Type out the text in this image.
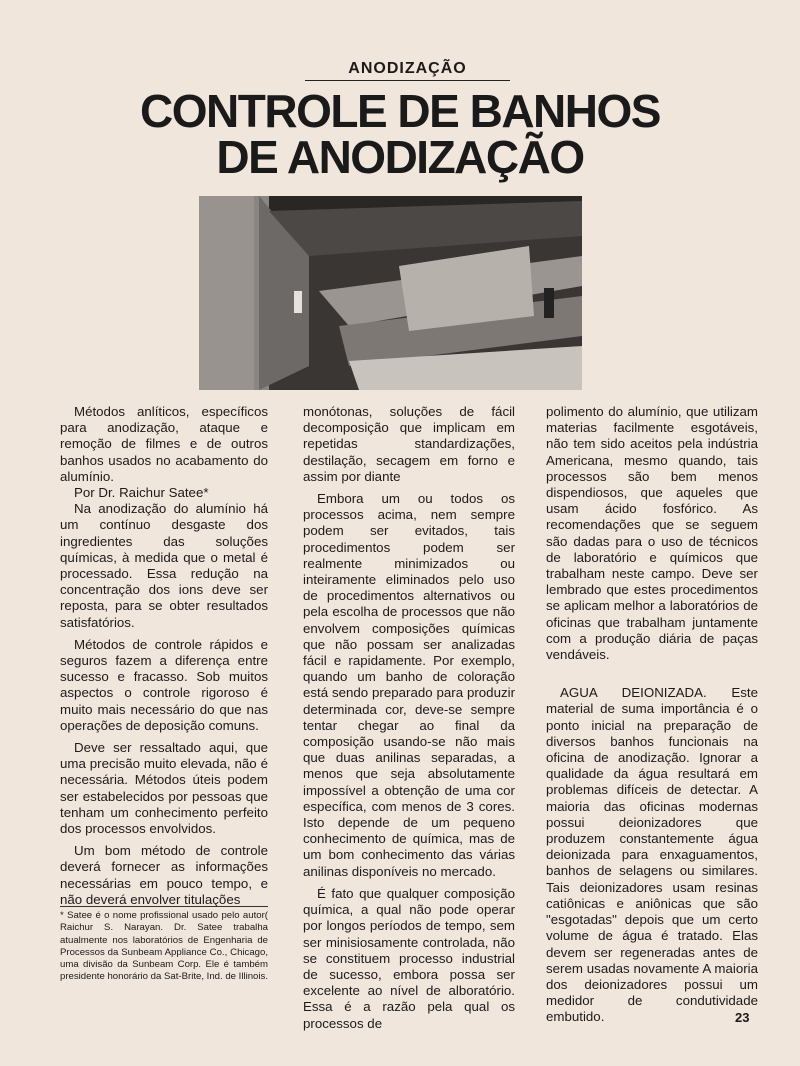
ANODIZAÇÃO
CONTROLE DE BANHOS
DE ANODIZAÇÃO

Métodos anlíticos, específicos para anodização, ataque e remoção de filmes e de outros banhos usados no acabamento do alumínio.

Por Dr. Raichur Satee*

Na anodização do alumínio há um contínuo desgaste dos ingredientes das soluções químicas, à medida que o metal é processado. Essa redução na concentração dos ions deve ser reposta, para se obter resultados satisfatórios.

Métodos de controle rápidos e seguros fazem a diferença entre sucesso e fracasso. Sob muitos aspectos o controle rigoroso é muito mais necessário do que nas operações de deposição comuns.

Deve ser ressaltado aqui, que uma precisão muito elevada, não é necessária. Métodos úteis podem ser estabelecidos por pessoas que tenham um conhecimento perfeito dos processos envolvidos.

Um bom método de controle deverá fornecer as informações necessárias em pouco tempo, e não deverá envolver titulações

* Satee é o nome profissional usado pelo autor( Raichur S. Narayan. Dr. Satee trabalha atualmente nos laboratórios de Engenharia de Processos da Sunbeam Appliance Co., Chicago, uma divisão da Sunbeam Corp. Ele é também presidente honorário da Sat-Brite, Ind. de Illinois.

monótonas, soluções de fácil decomposição que implicam em repetidas standardizações, destilação, secagem em forno e assim por diante

Embora um ou todos os processos acima, nem sempre podem ser evitados, tais procedimentos podem ser realmente minimizados ou inteiramente eliminados pelo uso de procedimentos alternativos ou pela escolha de processos que não envolvem composições químicas que não possam ser analizadas fácil e rapidamente. Por exemplo, quando um banho de coloração está sendo preparado para produzir determinada cor, deve-se sempre tentar chegar ao final da composição usando-se não mais que duas anilinas separadas, a menos que seja absolutamente impossível a obtenção de uma cor específica, com menos de 3 cores. Isto depende de um pequeno conhecimento de química, mas de um bom conhecimento das várias anilinas disponíveis no mercado.

É fato que qualquer composição química, a qual não pode operar por longos períodos de tempo, sem ser minisiosamente controlada, não se constituem processo industrial de sucesso, embora possa ser excelente ao nível de alboratório. Essa é a razão pela qual os processos de

polimento do alumínio, que utilizam materias facilmente esgotáveis, não tem sido aceitos pela indústria Americana, mesmo quando, tais processos são bem menos dispendiosos, que aqueles que usam ácido fosfórico. As recomendações que se seguem são dadas para o uso de técnicos de laboratório e químicos que trabalham neste campo. Deve ser lembrado que estes procedimentos se aplicam melhor a laboratórios de oficinas que trabalham juntamente com a produção diária de paças vendáveis.

AGUA DEIONIZADA. Este material de suma importância é o ponto inicial na preparação de diversos banhos funcionais na oficina de anodização. Ignorar a qualidade da água resultará em problemas difíceis de detectar. A maioria das oficinas modernas possui deionizadores que produzem constantemente água deionizada para enxaguamentos, banhos de selagens ou similares. Tais deionizadores usam resinas catiônicas e aniônicas que são "esgotadas" depois que um certo volume de água é tratado. Elas devem ser regeneradas antes de serem usadas novamente A maioria dos deionizadores possui um medidor de condutividade embutido.	23
